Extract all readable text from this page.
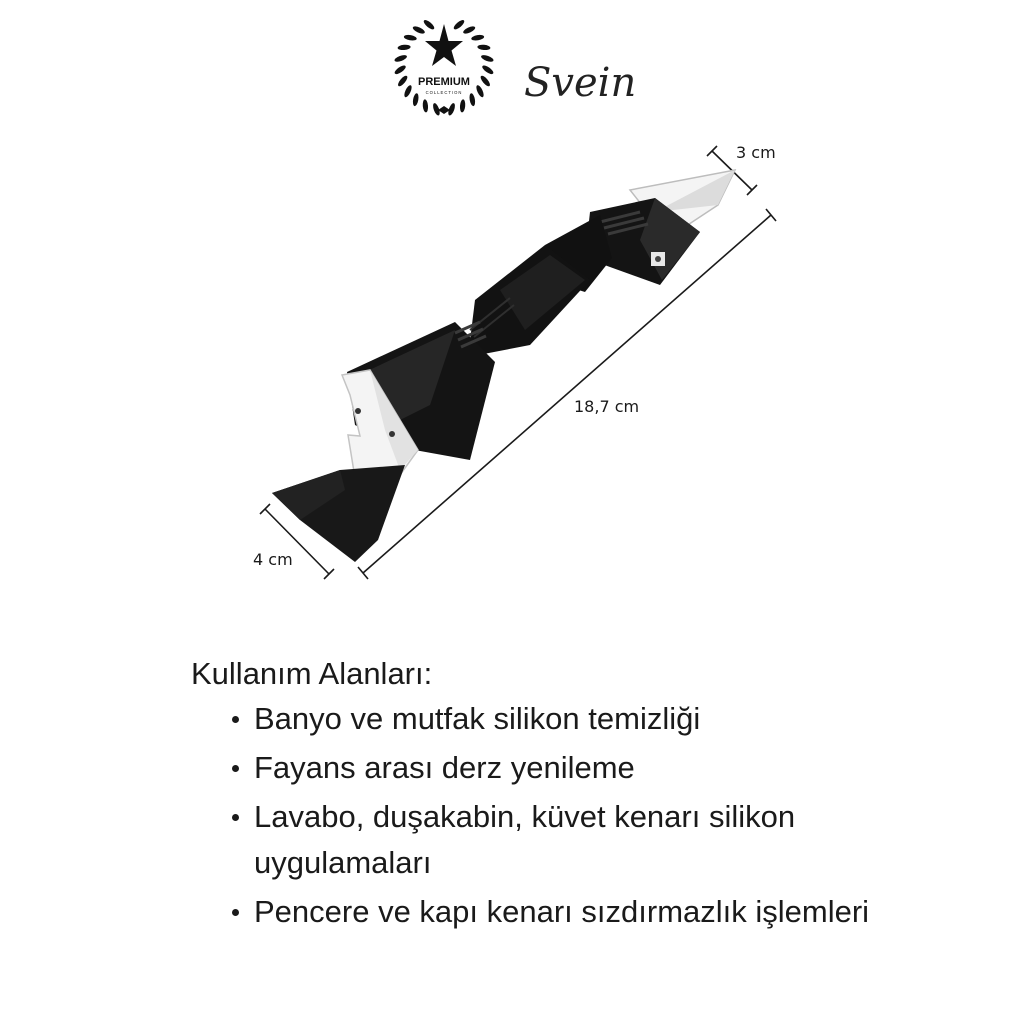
PREMIUM
COLLECTION Svein
3 cm
18,7 cm
4 cm
Kullanım Alanları:
Banyo ve mutfak silikon temizliği
Fayans arası derz yenileme
Lavabo, duşakabin, küvet kenarı silikon uygulamaları
Pencere ve kapı kenarı sızdırmazlık işlemleri
